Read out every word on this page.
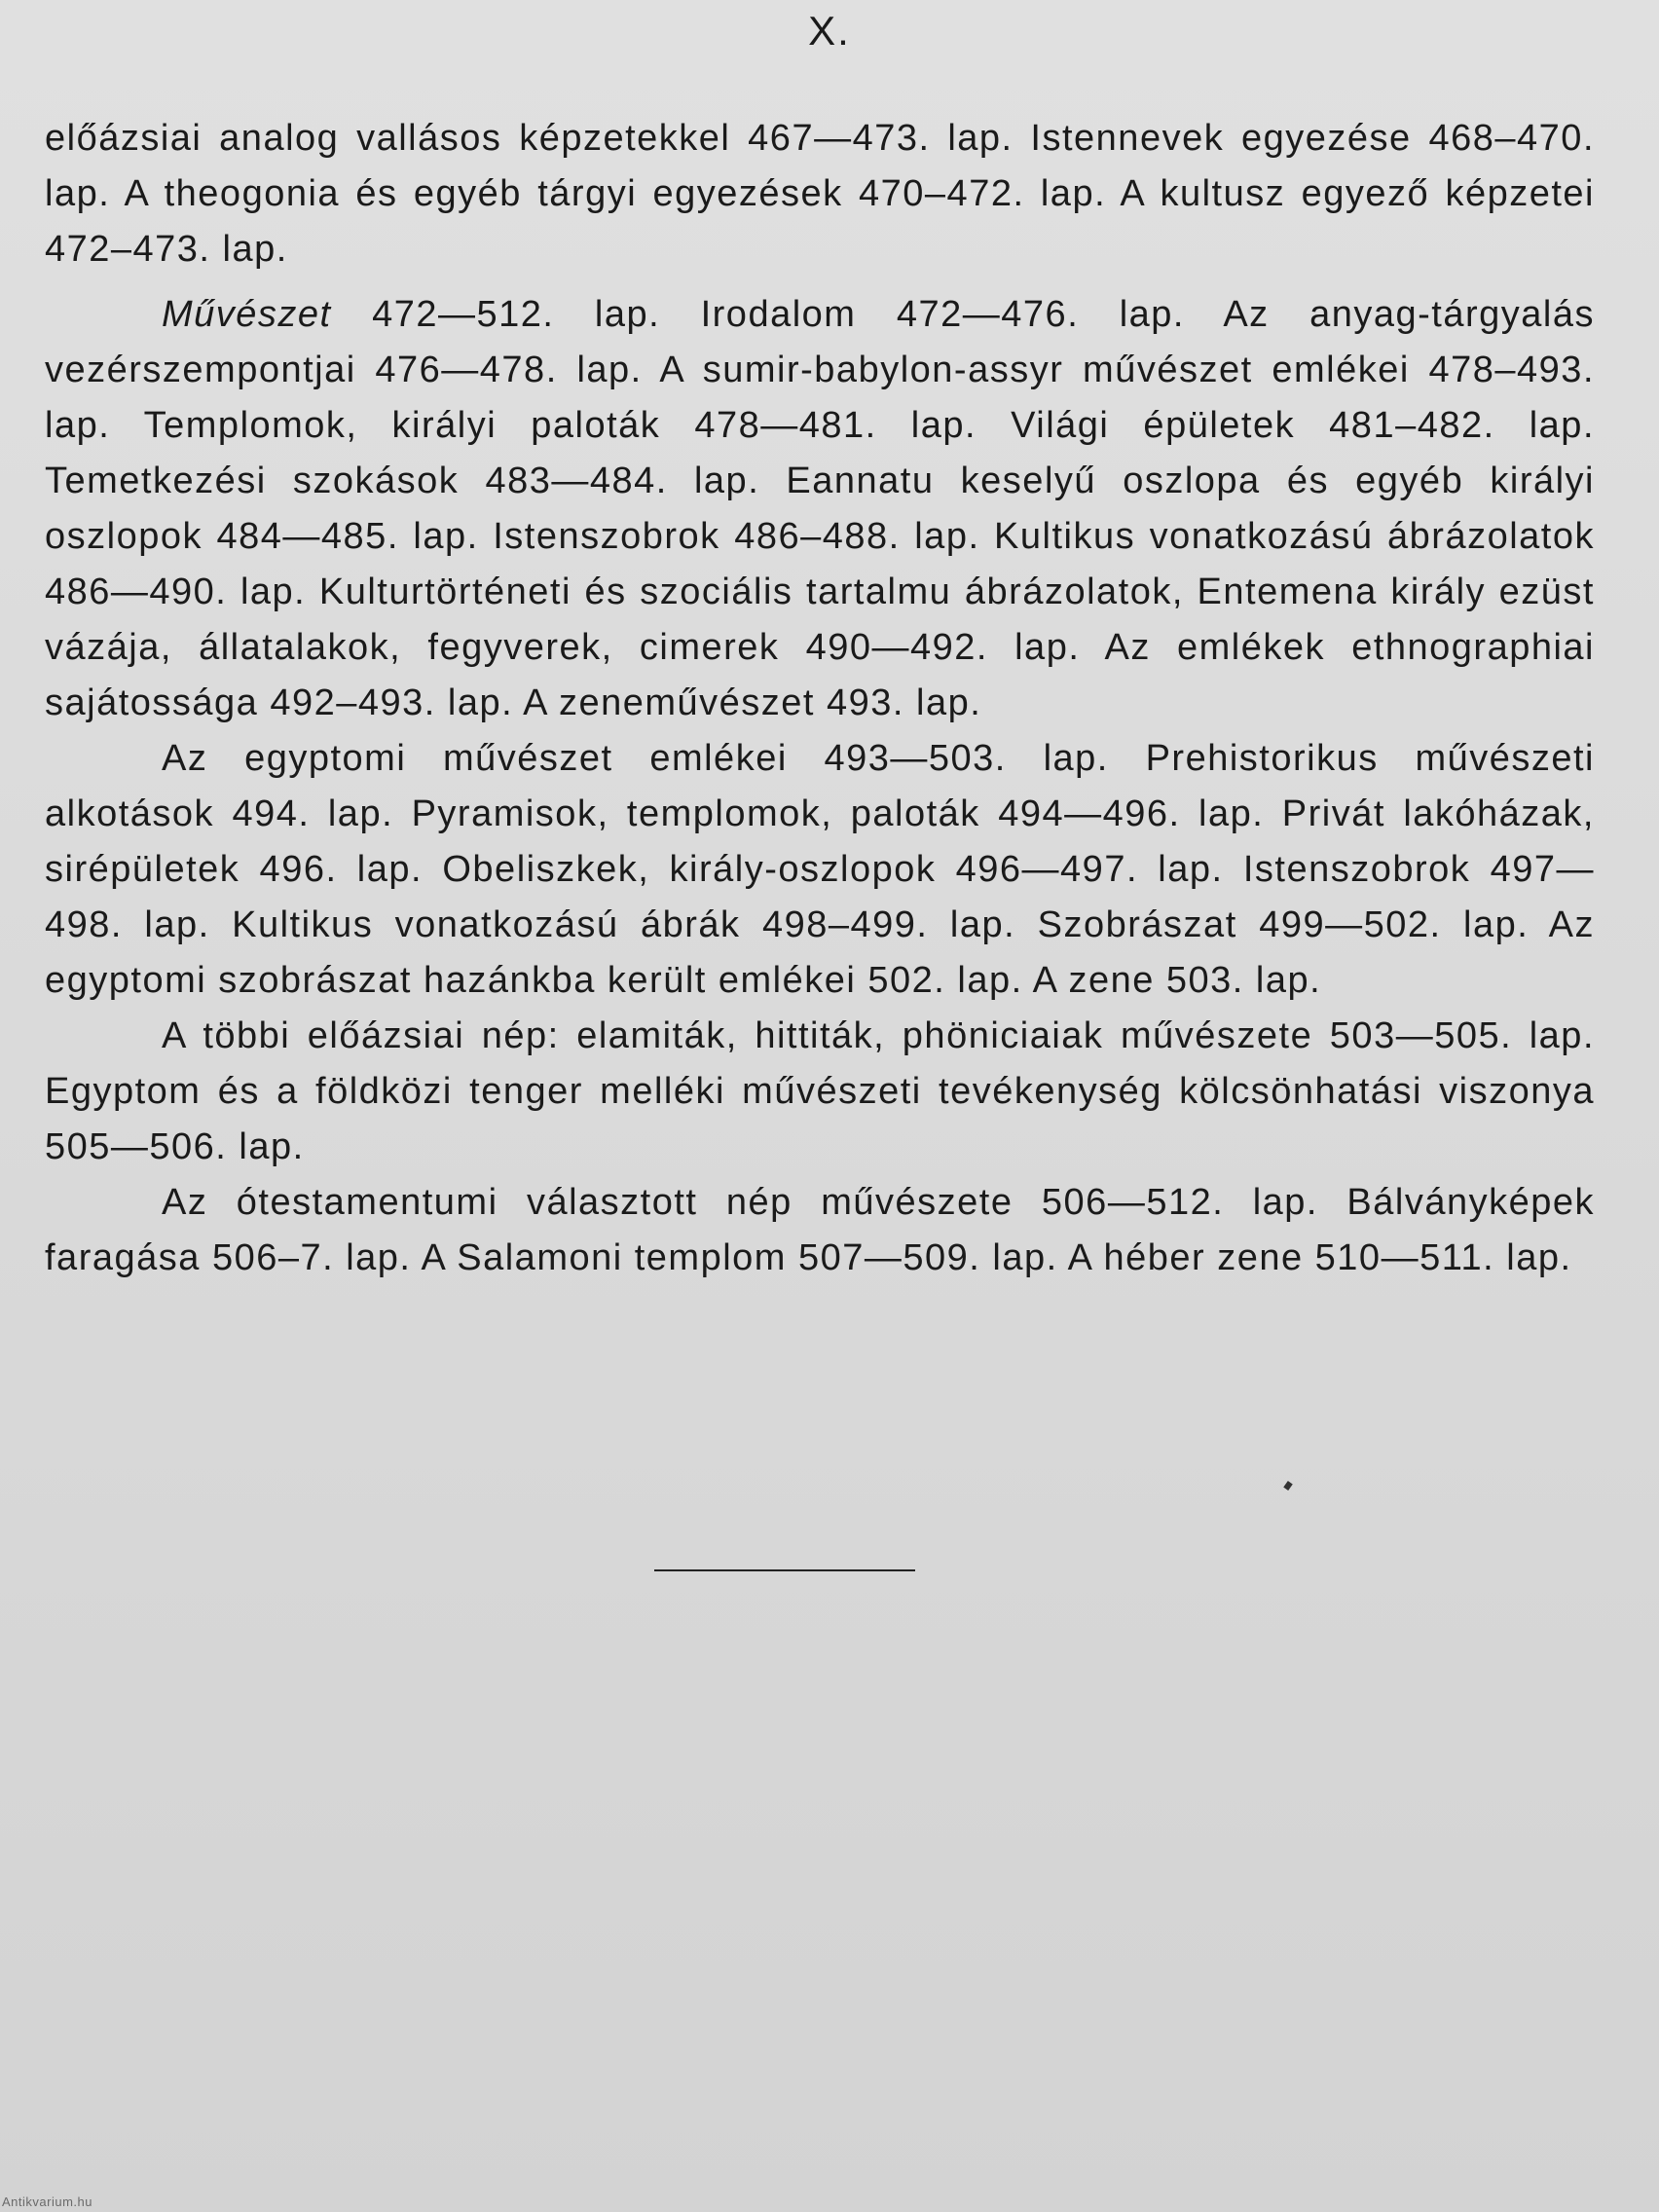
X.

előázsiai analog vallásos képzetekkel 467—473. lap. Istennevek egyezése 468–470. lap. A theogonia és egyéb tárgyi egyezések 470–472. lap. A kultusz egyező képzetei 472–473. lap.

Művészet 472—512. lap. Irodalom 472—476. lap. Az anyag-tárgyalás vezérszempontjai 476—478. lap. A sumir-babylon-assyr művészet emlékei 478–493. lap. Templomok, királyi paloták 478—481. lap. Világi épületek 481–482. lap. Temetkezési szokások 483—484. lap. Eannatu keselyű oszlopa és egyéb királyi oszlopok 484—485. lap. Istenszobrok 486–488. lap. Kultikus vonatkozású ábrázolatok 486—490. lap. Kulturtörténeti és szociális tartalmu ábrázolatok, Entemena király ezüst vázája, állatalakok, fegyverek, cimerek 490—492. lap. Az emlékek ethnographiai sajátossága 492–493. lap. A zeneművészet 493. lap.

Az egyptomi művészet emlékei 493—503. lap. Prehistorikus művészeti alkotások 494. lap. Pyramisok, templomok, paloták 494—496. lap. Privát lakóházak, sirépületek 496. lap. Obeliszkek, király-oszlopok 496—497. lap. Istenszobrok 497—498. lap. Kultikus vonatkozású ábrák 498–499. lap. Szobrászat 499—502. lap. Az egyptomi szobrászat hazánkba került emlékei 502. lap. A zene 503. lap.

A többi előázsiai nép: elamiták, hittiták, phöniciaiak művészete 503—505. lap. Egyptom és a földközi tenger melléki művészeti tevékenység kölcsönhatási viszonya 505—506. lap.

Az ótestamentumi választott nép művészete 506—512. lap. Bálványképek faragása 506–7. lap. A Salamoni templom 507—509. lap. A héber zene 510—511. lap.

Antikvarium.hu
